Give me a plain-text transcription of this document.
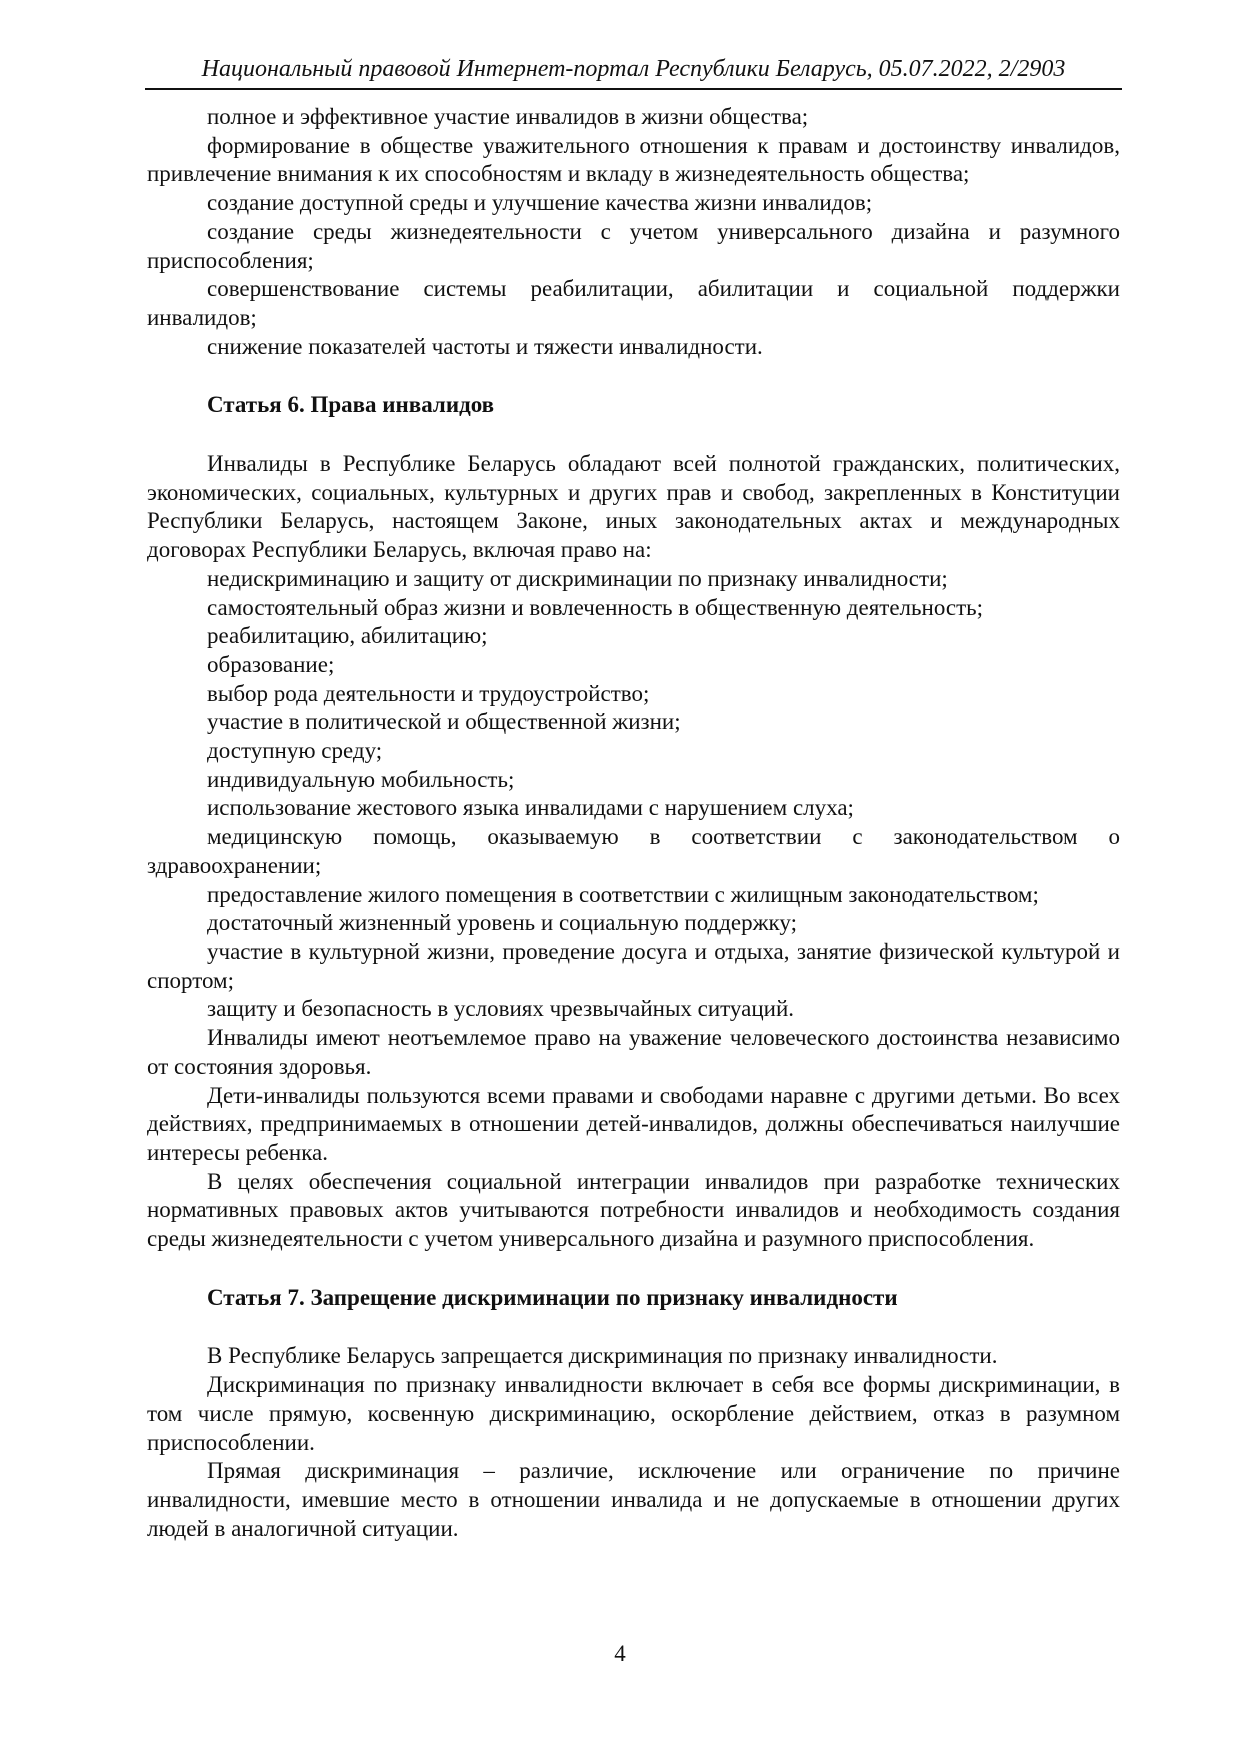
Национальный правовой Интернет-портал Республики Беларусь, 05.07.2022, 2/2903

полное и эффективное участие инвалидов в жизни общества;

формирование в обществе уважительного отношения к правам и достоинству инвалидов, привлечение внимания к их способностям и вкладу в жизнедеятельность общества;

создание доступной среды и улучшение качества жизни инвалидов;

создание среды жизнедеятельности с учетом универсального дизайна и разумного приспособления;

совершенствование системы реабилитации, абилитации и социальной поддержки инвалидов;

снижение показателей частоты и тяжести инвалидности.

Статья 6. Права инвалидов

Инвалиды в Республике Беларусь обладают всей полнотой гражданских, политических, экономических, социальных, культурных и других прав и свобод, закрепленных в Конституции Республики Беларусь, настоящем Законе, иных законодательных актах и международных договорах Республики Беларусь, включая право на:

недискриминацию и защиту от дискриминации по признаку инвалидности;

самостоятельный образ жизни и вовлеченность в общественную деятельность;

реабилитацию, абилитацию;

образование;

выбор рода деятельности и трудоустройство;

участие в политической и общественной жизни;

доступную среду;

индивидуальную мобильность;

использование жестового языка инвалидами с нарушением слуха;

медицинскую помощь, оказываемую в соответствии с законодательством о здравоохранении;

предоставление жилого помещения в соответствии с жилищным законодательством;

достаточный жизненный уровень и социальную поддержку;

участие в культурной жизни, проведение досуга и отдыха, занятие физической культурой и спортом;

защиту и безопасность в условиях чрезвычайных ситуаций.

Инвалиды имеют неотъемлемое право на уважение человеческого достоинства независимо от состояния здоровья.

Дети-инвалиды пользуются всеми правами и свободами наравне с другими детьми. Во всех действиях, предпринимаемых в отношении детей-инвалидов, должны обеспечиваться наилучшие интересы ребенка.

В целях обеспечения социальной интеграции инвалидов при разработке технических нормативных правовых актов учитываются потребности инвалидов и необходимость создания среды жизнедеятельности с учетом универсального дизайна и разумного приспособления.

Статья 7. Запрещение дискриминации по признаку инвалидности

В Республике Беларусь запрещается дискриминация по признаку инвалидности.

Дискриминация по признаку инвалидности включает в себя все формы дискриминации, в том числе прямую, косвенную дискриминацию, оскорбление действием, отказ в разумном приспособлении.

Прямая дискриминация – различие, исключение или ограничение по причине инвалидности, имевшие место в отношении инвалида и не допускаемые в отношении других людей в аналогичной ситуации.

4
